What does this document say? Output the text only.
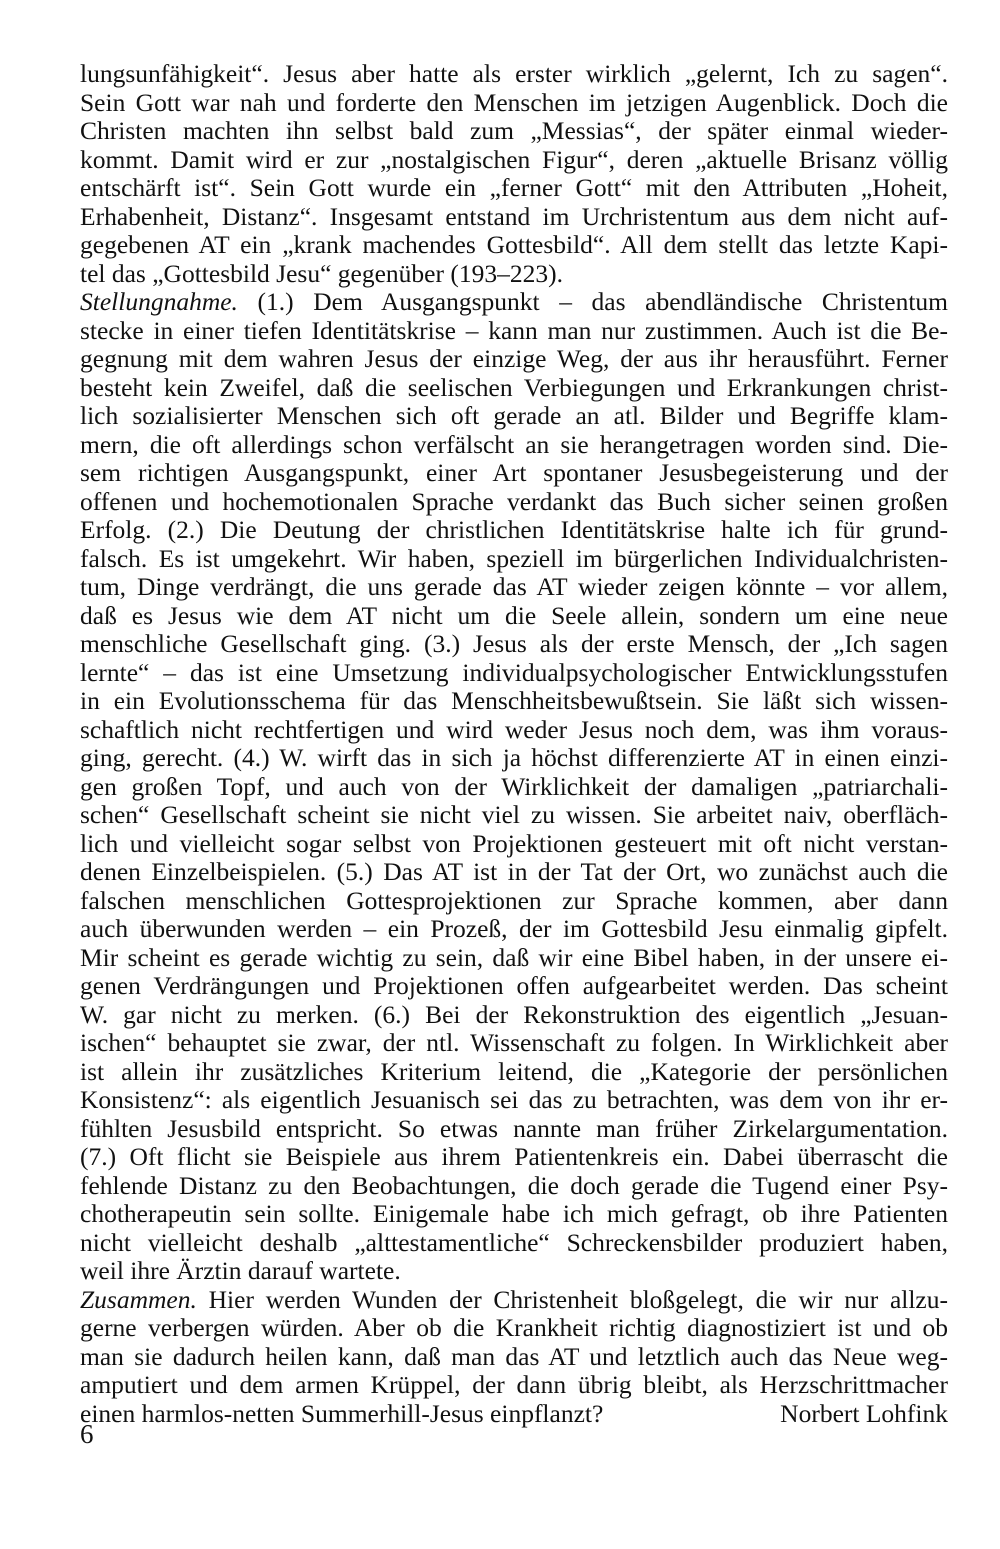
lungsunfähigkeit“. Jesus aber hatte als erster wirklich „gelernt, Ich zu sagen“.
Sein Gott war nah und forderte den Menschen im jetzigen Augenblick. Doch die
Christen machten ihn selbst bald zum „Messias“, der später einmal wieder-
kommt. Damit wird er zur „nostalgischen Figur“, deren „aktuelle Brisanz völlig
entschärft ist“. Sein Gott wurde ein „ferner Gott“ mit den Attributen „Hoheit,
Erhabenheit, Distanz“. Insgesamt entstand im Urchristentum aus dem nicht auf-
gegebenen AT ein „krank machendes Gottesbild“. All dem stellt das letzte Kapi-
tel das „Gottesbild Jesu“ gegenüber (193–223).
Stellungnahme. (1.) Dem Ausgangspunkt – das abendländische Christentum
stecke in einer tiefen Identitätskrise – kann man nur zustimmen. Auch ist die Be-
gegnung mit dem wahren Jesus der einzige Weg, der aus ihr herausführt. Ferner
besteht kein Zweifel, daß die seelischen Verbiegungen und Erkrankungen christ-
lich sozialisierter Menschen sich oft gerade an atl. Bilder und Begriffe klam-
mern, die oft allerdings schon verfälscht an sie herangetragen worden sind. Die-
sem richtigen Ausgangspunkt, einer Art spontaner Jesusbegeisterung und der
offenen und hochemotionalen Sprache verdankt das Buch sicher seinen großen
Erfolg. (2.) Die Deutung der christlichen Identitätskrise halte ich für grund-
falsch. Es ist umgekehrt. Wir haben, speziell im bürgerlichen Individualchristen-
tum, Dinge verdrängt, die uns gerade das AT wieder zeigen könnte – vor allem,
daß es Jesus wie dem AT nicht um die Seele allein, sondern um eine neue
menschliche Gesellschaft ging. (3.) Jesus als der erste Mensch, der „Ich sagen
lernte“ – das ist eine Umsetzung individualpsychologischer Entwicklungsstufen
in ein Evolutionsschema für das Menschheitsbewußtsein. Sie läßt sich wissen-
schaftlich nicht rechtfertigen und wird weder Jesus noch dem, was ihm voraus-
ging, gerecht. (4.) W. wirft das in sich ja höchst differenzierte AT in einen einzi-
gen großen Topf, und auch von der Wirklichkeit der damaligen „patriarchali-
schen“ Gesellschaft scheint sie nicht viel zu wissen. Sie arbeitet naiv, oberfläch-
lich und vielleicht sogar selbst von Projektionen gesteuert mit oft nicht verstan-
denen Einzelbeispielen. (5.) Das AT ist in der Tat der Ort, wo zunächst auch die
falschen menschlichen Gottesprojektionen zur Sprache kommen, aber dann
auch überwunden werden – ein Prozeß, der im Gottesbild Jesu einmalig gipfelt.
Mir scheint es gerade wichtig zu sein, daß wir eine Bibel haben, in der unsere ei-
genen Verdrängungen und Projektionen offen aufgearbeitet werden. Das scheint
W. gar nicht zu merken. (6.) Bei der Rekonstruktion des eigentlich „Jesuan-
ischen“ behauptet sie zwar, der ntl. Wissenschaft zu folgen. In Wirklichkeit aber
ist allein ihr zusätzliches Kriterium leitend, die „Kategorie der persönlichen
Konsistenz“: als eigentlich Jesuanisch sei das zu betrachten, was dem von ihr er-
fühlten Jesusbild entspricht. So etwas nannte man früher Zirkelargumentation.
(7.) Oft flicht sie Beispiele aus ihrem Patientenkreis ein. Dabei überrascht die
fehlende Distanz zu den Beobachtungen, die doch gerade die Tugend einer Psy-
chotherapeutin sein sollte. Einigemale habe ich mich gefragt, ob ihre Patienten
nicht vielleicht deshalb „alttestamentliche“ Schreckensbilder produziert haben,
weil ihre Ärztin darauf wartete.
Zusammen. Hier werden Wunden der Christenheit bloßgelegt, die wir nur allzu-
gerne verbergen würden. Aber ob die Krankheit richtig diagnostiziert ist und ob
man sie dadurch heilen kann, daß man das AT und letztlich auch das Neue weg-
amputiert und dem armen Krüppel, der dann übrig bleibt, als Herzschrittmacher
einen harmlos-netten Summerhill-Jesus einpflanzt?	Norbert Lohfink
6
